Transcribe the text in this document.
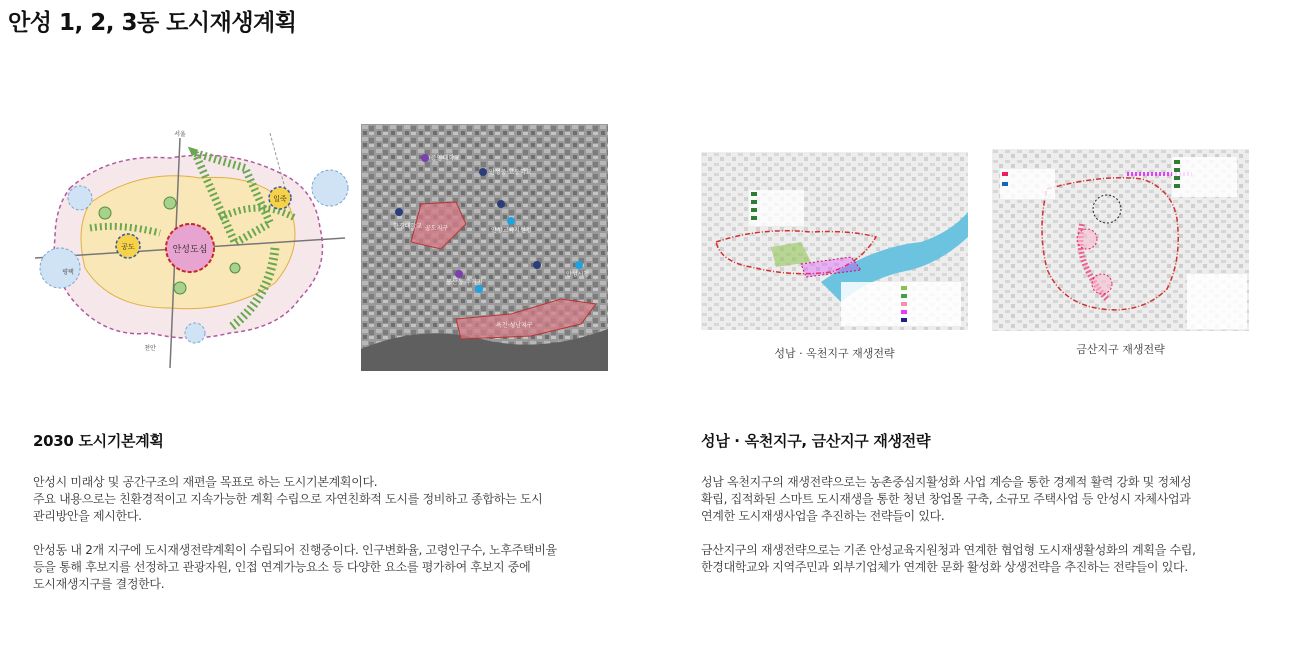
안성 1, 2, 3동 도시재생계획
안성도심
공도
일죽
평택
서울
천안
중앙대학교
안성중·고등학교
한경대학교 공도지구	안성교육지원청
안성시청
봉산동 주거지
옥천·성남지구
성남 · 옥천지구 재생전략	금산지구 재생전략
2030 도시기본계획

안성시 미래상 및 공간구조의 재편을 목표로 하는 도시기본계획이다.

주요 내용으로는 친환경적이고 지속가능한 계획 수립으로 자연친화적 도시를 정비하고 종합하는 도시

관리방안을 제시한다.

안성동 내 2개 지구에 도시재생전략계획이 수립되어 진행중이다. 인구변화율, 고령인구수, 노후주택비율

등을 통해 후보지를 선정하고 관광자원, 인접 연계가능요소 등 다양한 요소를 평가하여 후보지 중에

도시재생지구를 결정한다.

성남 · 옥천지구, 금산지구 재생전략

성남 옥천지구의 재생전략으로는 농촌중심지활성화 사업 계승을 통한 경제적 활력 강화 및 정체성

확립, 집적화된 스마트 도시재생을 통한 청년 창업몰 구축, 소규모 주택사업 등 안성시 자체사업과

연계한 도시재생사업을 추진하는 전략들이 있다.

금산지구의 재생전략으로는 기존 안성교육지원청과 연계한 협업형 도시재생활성화의 계획을 수립,

한경대학교와 지역주민과 외부기업체가 연계한 문화 활성화 상생전략을 추진하는 전략들이 있다.
